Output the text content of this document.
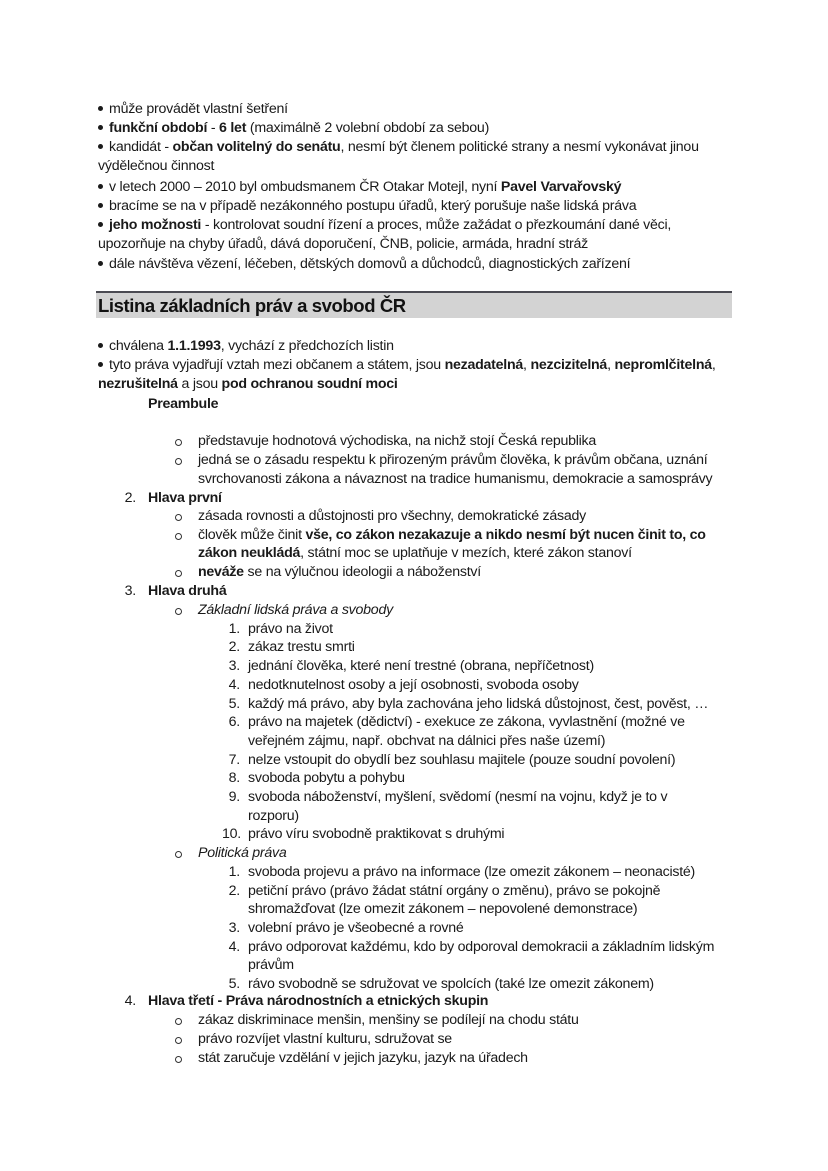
může provádět vlastní šetření
funkční období - 6 let (maximálně 2 volební období za sebou)
kandidát - občan volitelný do senátu, nesmí být členem politické strany a nesmí vykonávat jinou
výdělečnou činnost
v letech 2000 – 2010 byl ombudsmanem ČR Otakar Motejl, nyní Pavel Varvařovský
bracíme se na v případě nezákonného postupu úřadů, který porušuje naše lidská práva
jeho možnosti - kontrolovat soudní řízení a proces, může zažádat o přezkoumání dané věci,
upozorňuje na chyby úřadů, dává doporučení, ČNB, policie, armáda, hradní stráž
dále návštěva vězení, léčeben, dětských domovů a důchodců, diagnostických zařízení
Listina základních práv a svobod ČR
chválena 1.1.1993, vychází z předchozích listin
tyto práva vyjadřují vztah mezi občanem a státem, jsou nezadatelná, nezcizitelná, nepromlčitelná,
nezrušitelná a jsou pod ochranou soudní moci
Preambule
představuje hodnotová východiska, na nichž stojí Česká republika
jedná se o zásadu respektu k přirozeným právům člověka, k právům občana, uznání
svrchovanosti zákona a návaznost na tradice humanismu, demokracie a samosprávy
2. Hlava první
zásada rovnosti a důstojnosti pro všechny, demokratické zásady
člověk může činit vše, co zákon nezakazuje a nikdo nesmí být nucen činit to, co
zákon neukládá, státní moc se uplatňuje v mezích, které zákon stanoví
neváže se na výlučnou ideologii a náboženství
3. Hlava druhá
Základní lidská práva a svobody
1. právo na život
2. zákaz trestu smrti
3. jednání člověka, které není trestné (obrana, nepříčetnost)
4. nedotknutelnost osoby a její osobnosti, svoboda osoby
5. každý má právo, aby byla zachována jeho lidská důstojnost, čest, pověst, …
6. právo na majetek (dědictví) - exekuce ze zákona, vyvlastnění (možné ve
veřejném zájmu, např. obchvat na dálnici přes naše území)
7. nelze vstoupit do obydlí bez souhlasu majitele (pouze soudní povolení)
8. svoboda pobytu a pohybu
9. svoboda náboženství, myšlení, svědomí (nesmí na vojnu, když je to v
rozporu)
10. právo víru svobodně praktikovat s druhými
Politická práva
1. svoboda projevu a právo na informace (lze omezit zákonem – neonacisté)
2. petiční právo (právo žádat státní orgány o změnu), právo se pokojně
shromažďovat (lze omezit zákonem – nepovolené demonstrace)
3. volební právo je všeobecné a rovné
4. právo odporovat každému, kdo by odporoval demokracii a základním lidským
právům
5. rávo svobodně se sdružovat ve spolcích (také lze omezit zákonem)
4. Hlava třetí - Práva národnostních a etnických skupin
zákaz diskriminace menšin, menšiny se podílejí na chodu státu
právo rozvíjet vlastní kulturu, sdružovat se
stát zaručuje vzdělání v jejich jazyku, jazyk na úřadech
